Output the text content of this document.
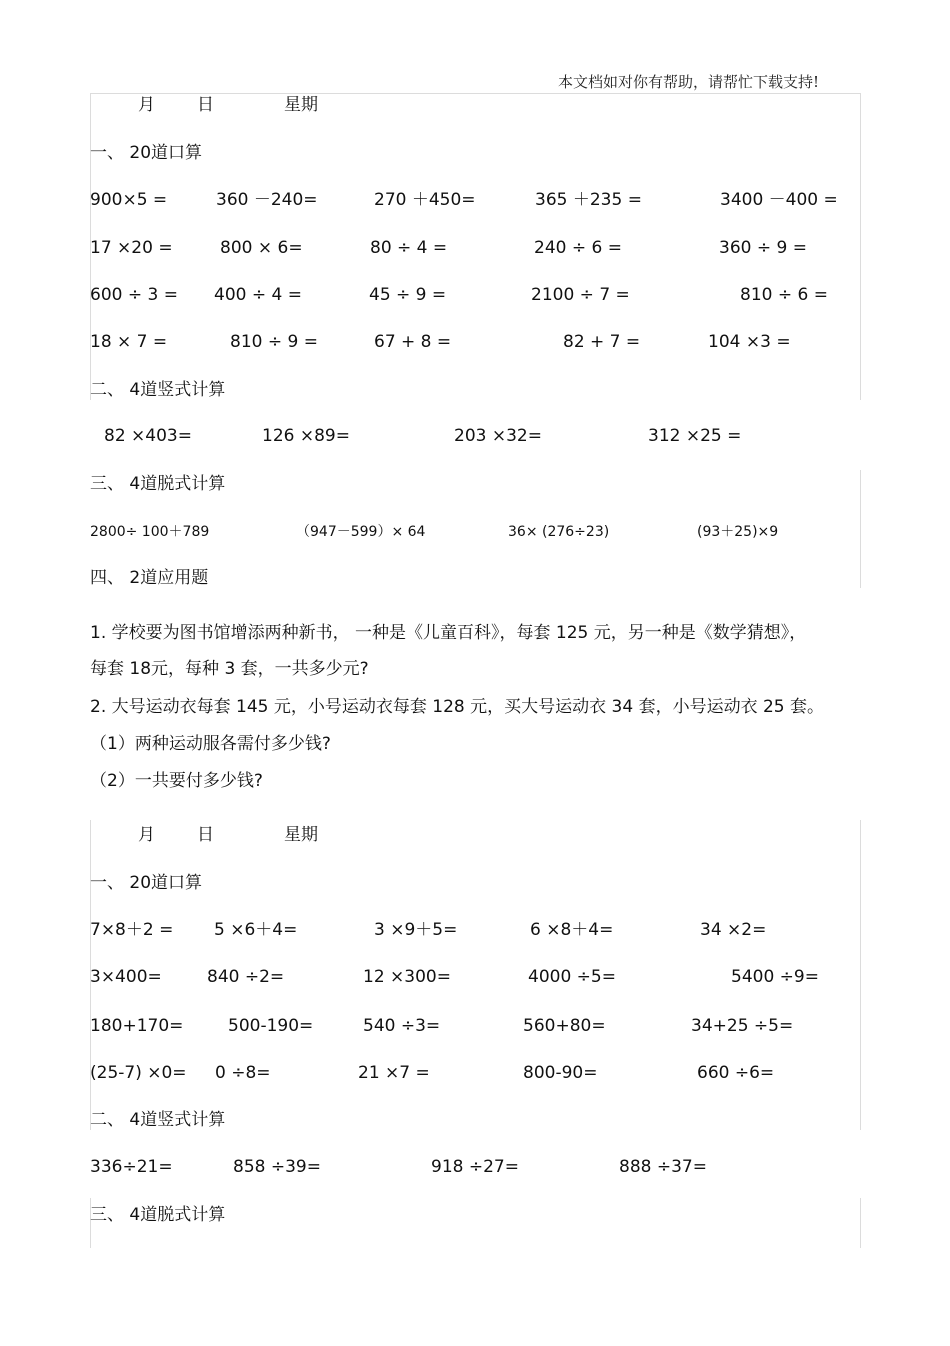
本文档如对你有帮助，请帮忙下载支持!
月 日	星期
一、 20道口算
900×5 =	360 －240=	270 ＋450=	365 ＋235 =	3400 －400 =
17 ×20 =	800 × 6=	80 ÷ 4 =	240 ÷ 6 =	360 ÷ 9 =
600 ÷ 3 = 400 ÷ 4 =	45 ÷ 9 =	2100 ÷ 7 =	810 ÷ 6 =
18 × 7 =	810 ÷ 9 =	67 + 8 =	82 + 7 =	104 ×3 =
二、 4道竖式计算
82 ×403=	126 ×89=	203 ×32=	312 ×25 =
三、 4道脱式计算
2800÷ 100＋789	（947－599）× 64	36× (276÷23)	(93＋25)×9
四、 2道应用题
1. 学校要为图书馆增添两种新书， 一种是《儿童百科》，每套 125 元，另一种是《数学猜想》，
每套 18元，每种 3 套，一共多少元?
2. 大号运动衣每套 145 元，小号运动衣每套 128 元，买大号运动衣 34 套，小号运动衣 25 套。
（1）两种运动服各需付多少钱?
（2）一共要付多少钱?
月 日	星期
一、 20道口算
7×8＋2 = 5 ×6＋4=	3 ×9＋5=	6 ×8＋4=	34 ×2=
3×400=	840 ÷2=	12 ×300=	4000 ÷5=	5400 ÷9=
180+170=	500-190=	540 ÷3=	560+80=	34+25 ÷5=
(25-7) ×0= 0 ÷8=	21 ×7 =	800-90=	660 ÷6=
二、 4道竖式计算
336÷21=	858 ÷39=	918 ÷27=	888 ÷37=
三、 4道脱式计算
